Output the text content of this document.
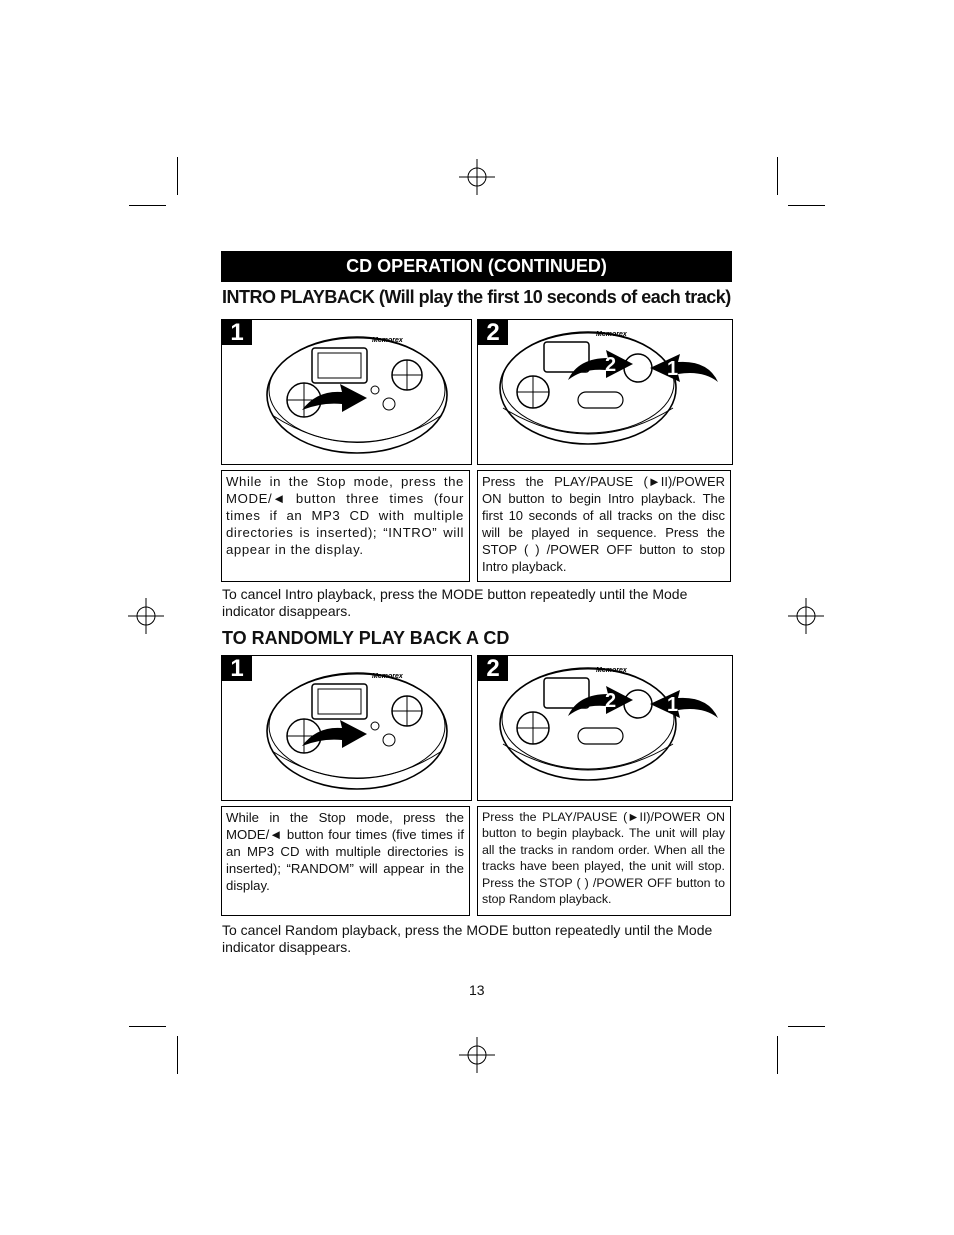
CD OPERATION (CONTINUED)
INTRO PLAYBACK (Will play the first 10 seconds of each track)
1	Memorex	2	Memorex
2	1
While in the Stop mode, press the MODE/◄ button three times (four times if an MP3 CD with multiple directories is inserted); “INTRO” will appear in the display.
Press the PLAY/PAUSE (►II)/POWER ON button to begin Intro playback. The first 10 seconds of all tracks on the disc will be played in sequence. Press the STOP ( ) /POWER OFF button to stop Intro playback.
To cancel Intro playback, press the MODE button repeatedly until the Mode indicator disappears.
TO RANDOMLY PLAY BACK A CD
1	Memorex	2	Memorex
2	1
While in the Stop mode, press the MODE/◄ button four times (five times if an MP3 CD with multiple directories is inserted); “RANDOM” will appear in the display.
Press the PLAY/PAUSE (►II)/POWER ON button to begin playback. The unit will play all the tracks in random order. When all the tracks have been played, the unit will stop. Press the STOP ( ) /POWER OFF button to stop Random playback.
To cancel Random playback, press the MODE button repeatedly until the Mode indicator disappears.
13
